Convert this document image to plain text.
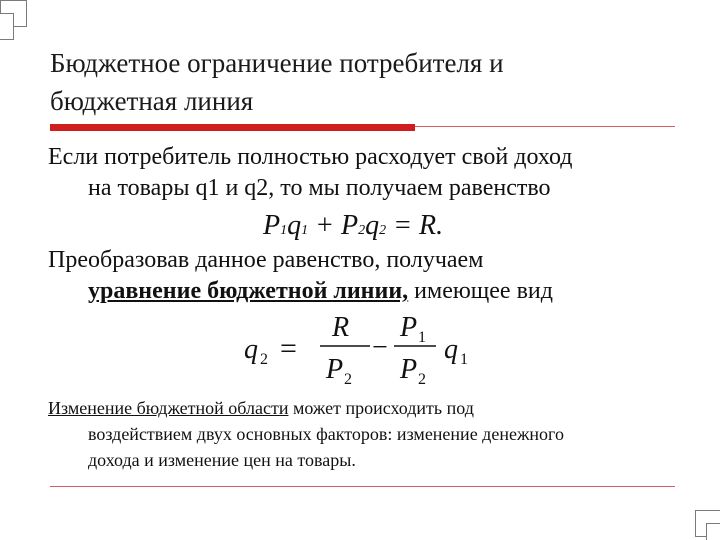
Бюджетное ограничение потребителя и
бюджетная линия
Если потребитель полностью расходует свой доход
на товары q1 и q2, то мы получаем равенство
P1q1 + P2q2 = R.
Преобразовав данное равенство, получаем
уравнение бюджетной линии, имеющее вид
q 2 =
R
P 2
−
P 1
P 2
q 1
Изменение бюджетной области может происходить под
воздействием двух основных факторов: изменение денежного
дохода и изменение цен на товары.
